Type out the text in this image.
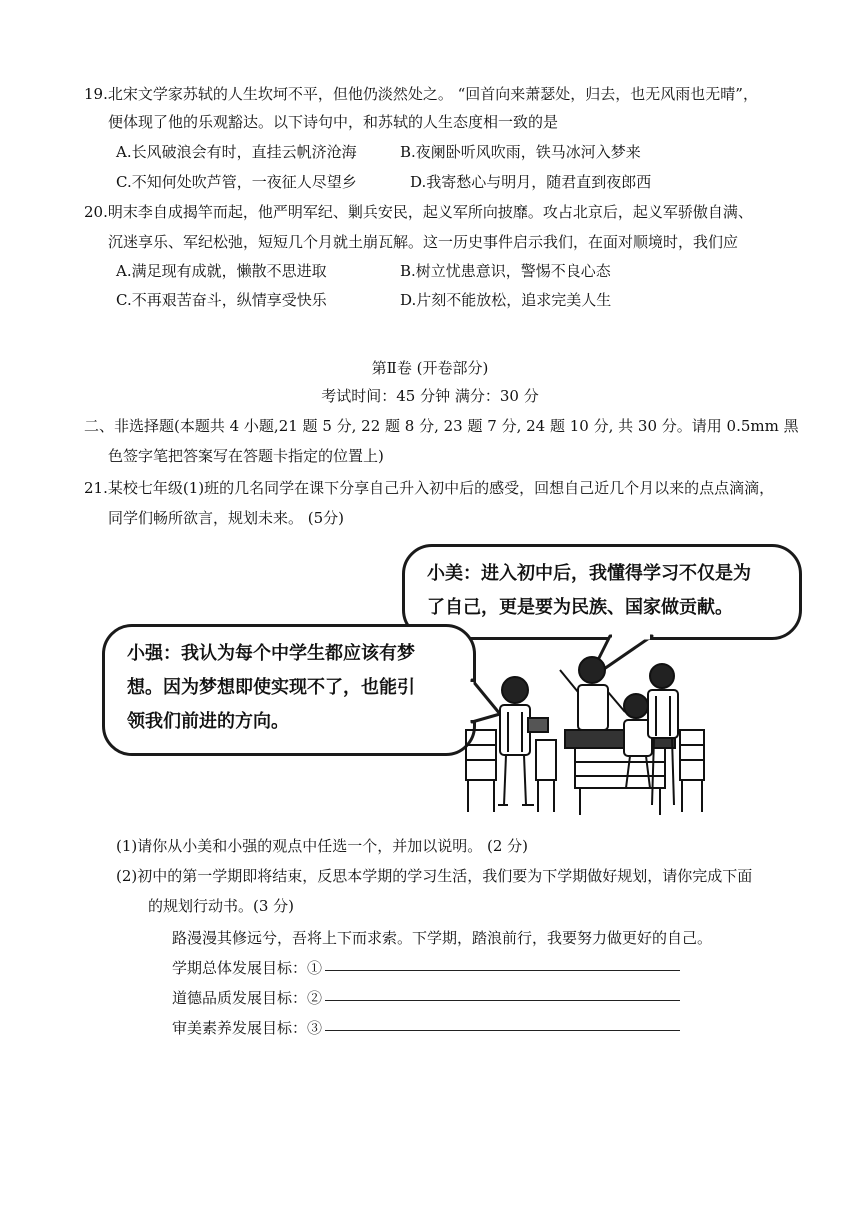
19.北宋文学家苏轼的人生坎坷不平，但他仍淡然处之。 “回首向来萧瑟处，归去，也无风雨也无晴”，
便体现了他的乐观豁达。以下诗句中，和苏轼的人生态度相一致的是
A.长风破浪会有时，直挂云帆济沧海	B.夜阑卧听风吹雨，铁马冰河入梦来
C.不知何处吹芦管，一夜征人尽望乡	D.我寄愁心与明月，随君直到夜郎西
20.明末李自成揭竿而起，他严明军纪、剿兵安民，起义军所向披靡。攻占北京后，起义军骄傲自满、
沉迷享乐、军纪松弛，短短几个月就土崩瓦解。这一历史事件启示我们，在面对顺境时，我们应
A.满足现有成就，懒散不思进取	B.树立忧患意识，警惕不良心态
C.不再艰苦奋斗，纵情享受快乐	D.片刻不能放松，追求完美人生
第Ⅱ卷 (开卷部分)
考试时间：45 分钟 满分：30 分
二、非选择题(本题共 4 小题,21 题 5 分, 22 题 8 分, 23 题 7 分, 24 题 10 分, 共 30 分。请用 0.5mm 黑
色签字笔把答案写在答题卡指定的位置上)
21.某校七年级(1)班的几名同学在课下分享自己升入初中后的感受，回想自己近几个月以来的点点滴滴，
同学们畅所欲言，规划未来。 (5分)
小美：进入初中后，我懂得学习不仅是为
了自己，更是要为民族、国家做贡献。
小强：我认为每个中学生都应该有梦
想。因为梦想即使实现不了，也能引
领我们前进的方向。
(1)请你从小美和小强的观点中任选一个，并加以说明。 (2 分)
(2)初中的第一学期即将结束，反思本学期的学习生活，我们要为下学期做好规划，请你完成下面
的规划行动书。(3 分)
路漫漫其修远兮，吾将上下而求索。下学期，踏浪前行，我要努力做更好的自己。
学期总体发展目标：①
道德品质发展目标：②
审美素养发展目标：③
